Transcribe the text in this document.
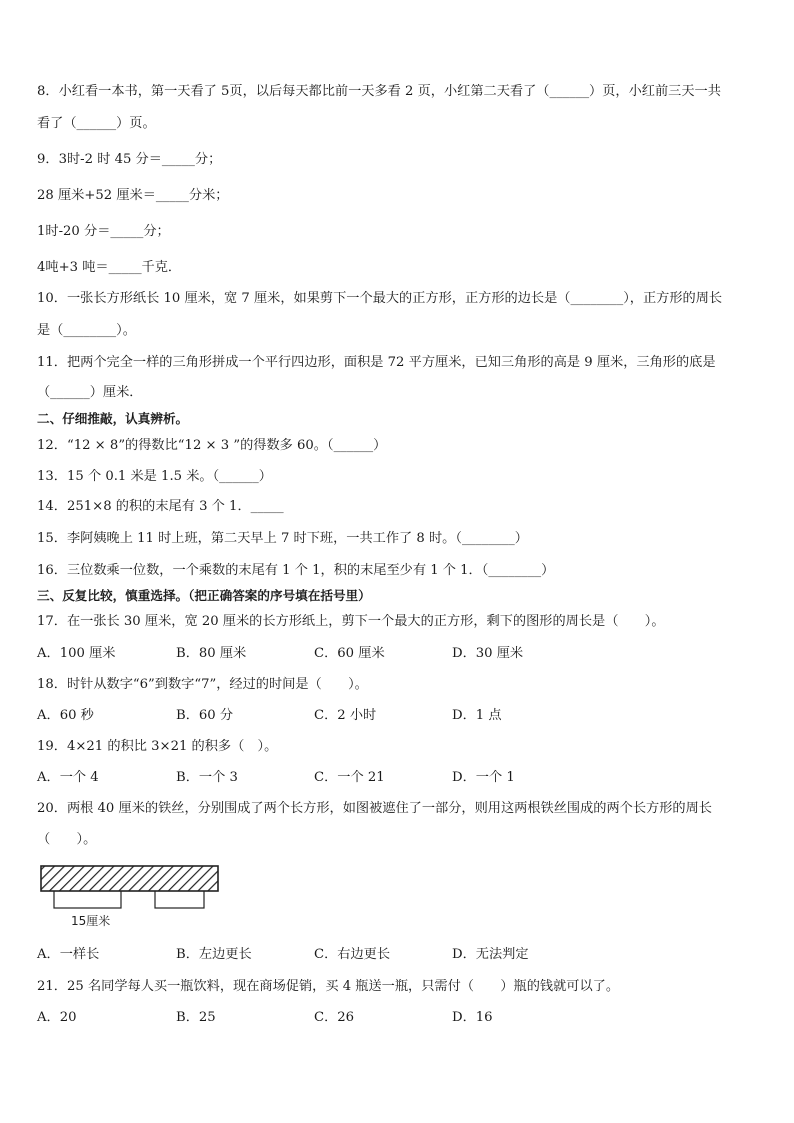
8．小红看一本书，第一天看了 5页，以后每天都比前一天多看 2 页，小红第二天看了（______）页，小红前三天一共
看了（______）页。
9．3时-2 时 45 分＝_____分；
28 厘米+52 厘米＝_____分米；
1时-20 分＝_____分；
4吨+3 吨＝_____千克．
10．一张长方形纸长 10 厘米，宽 7 厘米，如果剪下一个最大的正方形，正方形的边长是（________），正方形的周长
是（________）。
11．把两个完全一样的三角形拼成一个平行四边形，面积是 72 平方厘米，已知三角形的高是 9 厘米，三角形的底是
（______）厘米．
二、仔细推敲，认真辨析。
12．“12 × 8”的得数比“12 × 3 ”的得数多 60。（______）
13．15 个 0.1 米是 1.5 米。（______）
14．251×8 的积的末尾有 3 个 1．_____
15．李阿姨晚上 11 时上班，第二天早上 7 时下班，一共工作了 8 时。（________）
16．三位数乘一位数，一个乘数的末尾有 1 个 1，积的末尾至少有 1 个 1．（________）
三、反复比较，慎重选择。（把正确答案的序号填在括号里）
17．在一张长 30 厘米，宽 20 厘米的长方形纸上，剪下一个最大的正方形，剩下的图形的周长是（　　）。
A．100 厘米	B．80 厘米	C．60 厘米	D．30 厘米
18．时针从数字“6”到数字“7”，经过的时间是（　　）。
A．60 秒	B．60 分	C．2 小时	D．1 点
19．4×21 的积比 3×21 的积多（　）。
A．一个 4	B．一个 3	C．一个 21	D．一个 1
20．两根 40 厘米的铁丝，分别围成了两个长方形，如图被遮住了一部分，则用这两根铁丝围成的两个长方形的周长
（　　）。
15厘米
A．一样长	B．左边更长	C．右边更长	D．无法判定
21．25 名同学每人买一瓶饮料，现在商场促销，买 4 瓶送一瓶，只需付（　　）瓶的钱就可以了。
A．20	B．25	C．26	D．16
